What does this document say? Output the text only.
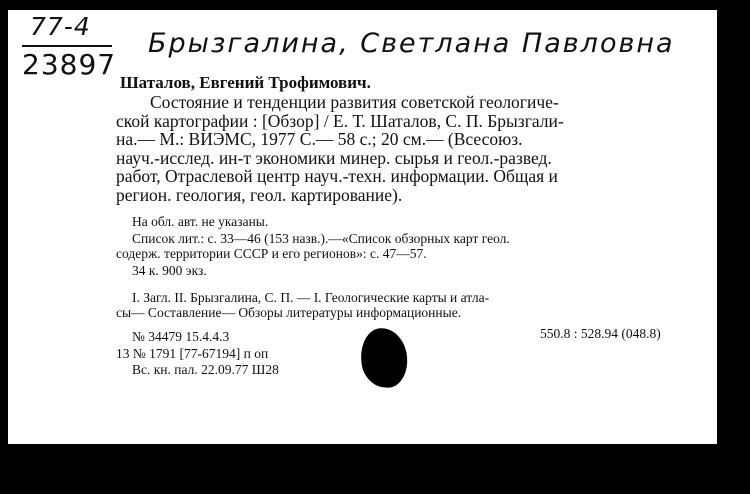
77-4
23897
Брызгалина, Светлана Павловна
Шаталов, Евгений Трофимович.

Состояние и тенденции развития советской геологиче-
ской картографии : [Обзор] / Е. Т. Шаталов, С. П. Брызгали-
на.— М.: ВИЭМС, 1977 С.— 58 с.; 20 см.— (Всесоюз.
науч.-исслед. ин-т экономики минер. сырья и геол.-развед.
работ, Отраслевой центр науч.-техн. информации. Общая и
регион. геология, геол. картирование).

На обл. авт. не указаны.
Список лит.: с. 33—46 (153 назв.).—«Список обзорных карт геол.
содерж. территории СССР и его регионов»: с. 47—57.
34 к. 900 экз.
I. Загл. II. Брызгалина, С. П. — I. Геологические карты и атла-
сы— Составление— Обзоры литературы информационные.
550.8 : 528.94 (048.8)
№ 34479 15.4.4.3
13 № 1791 [77-67194] п оп
Вс. кн. пал. 22.09.77 Ш28
